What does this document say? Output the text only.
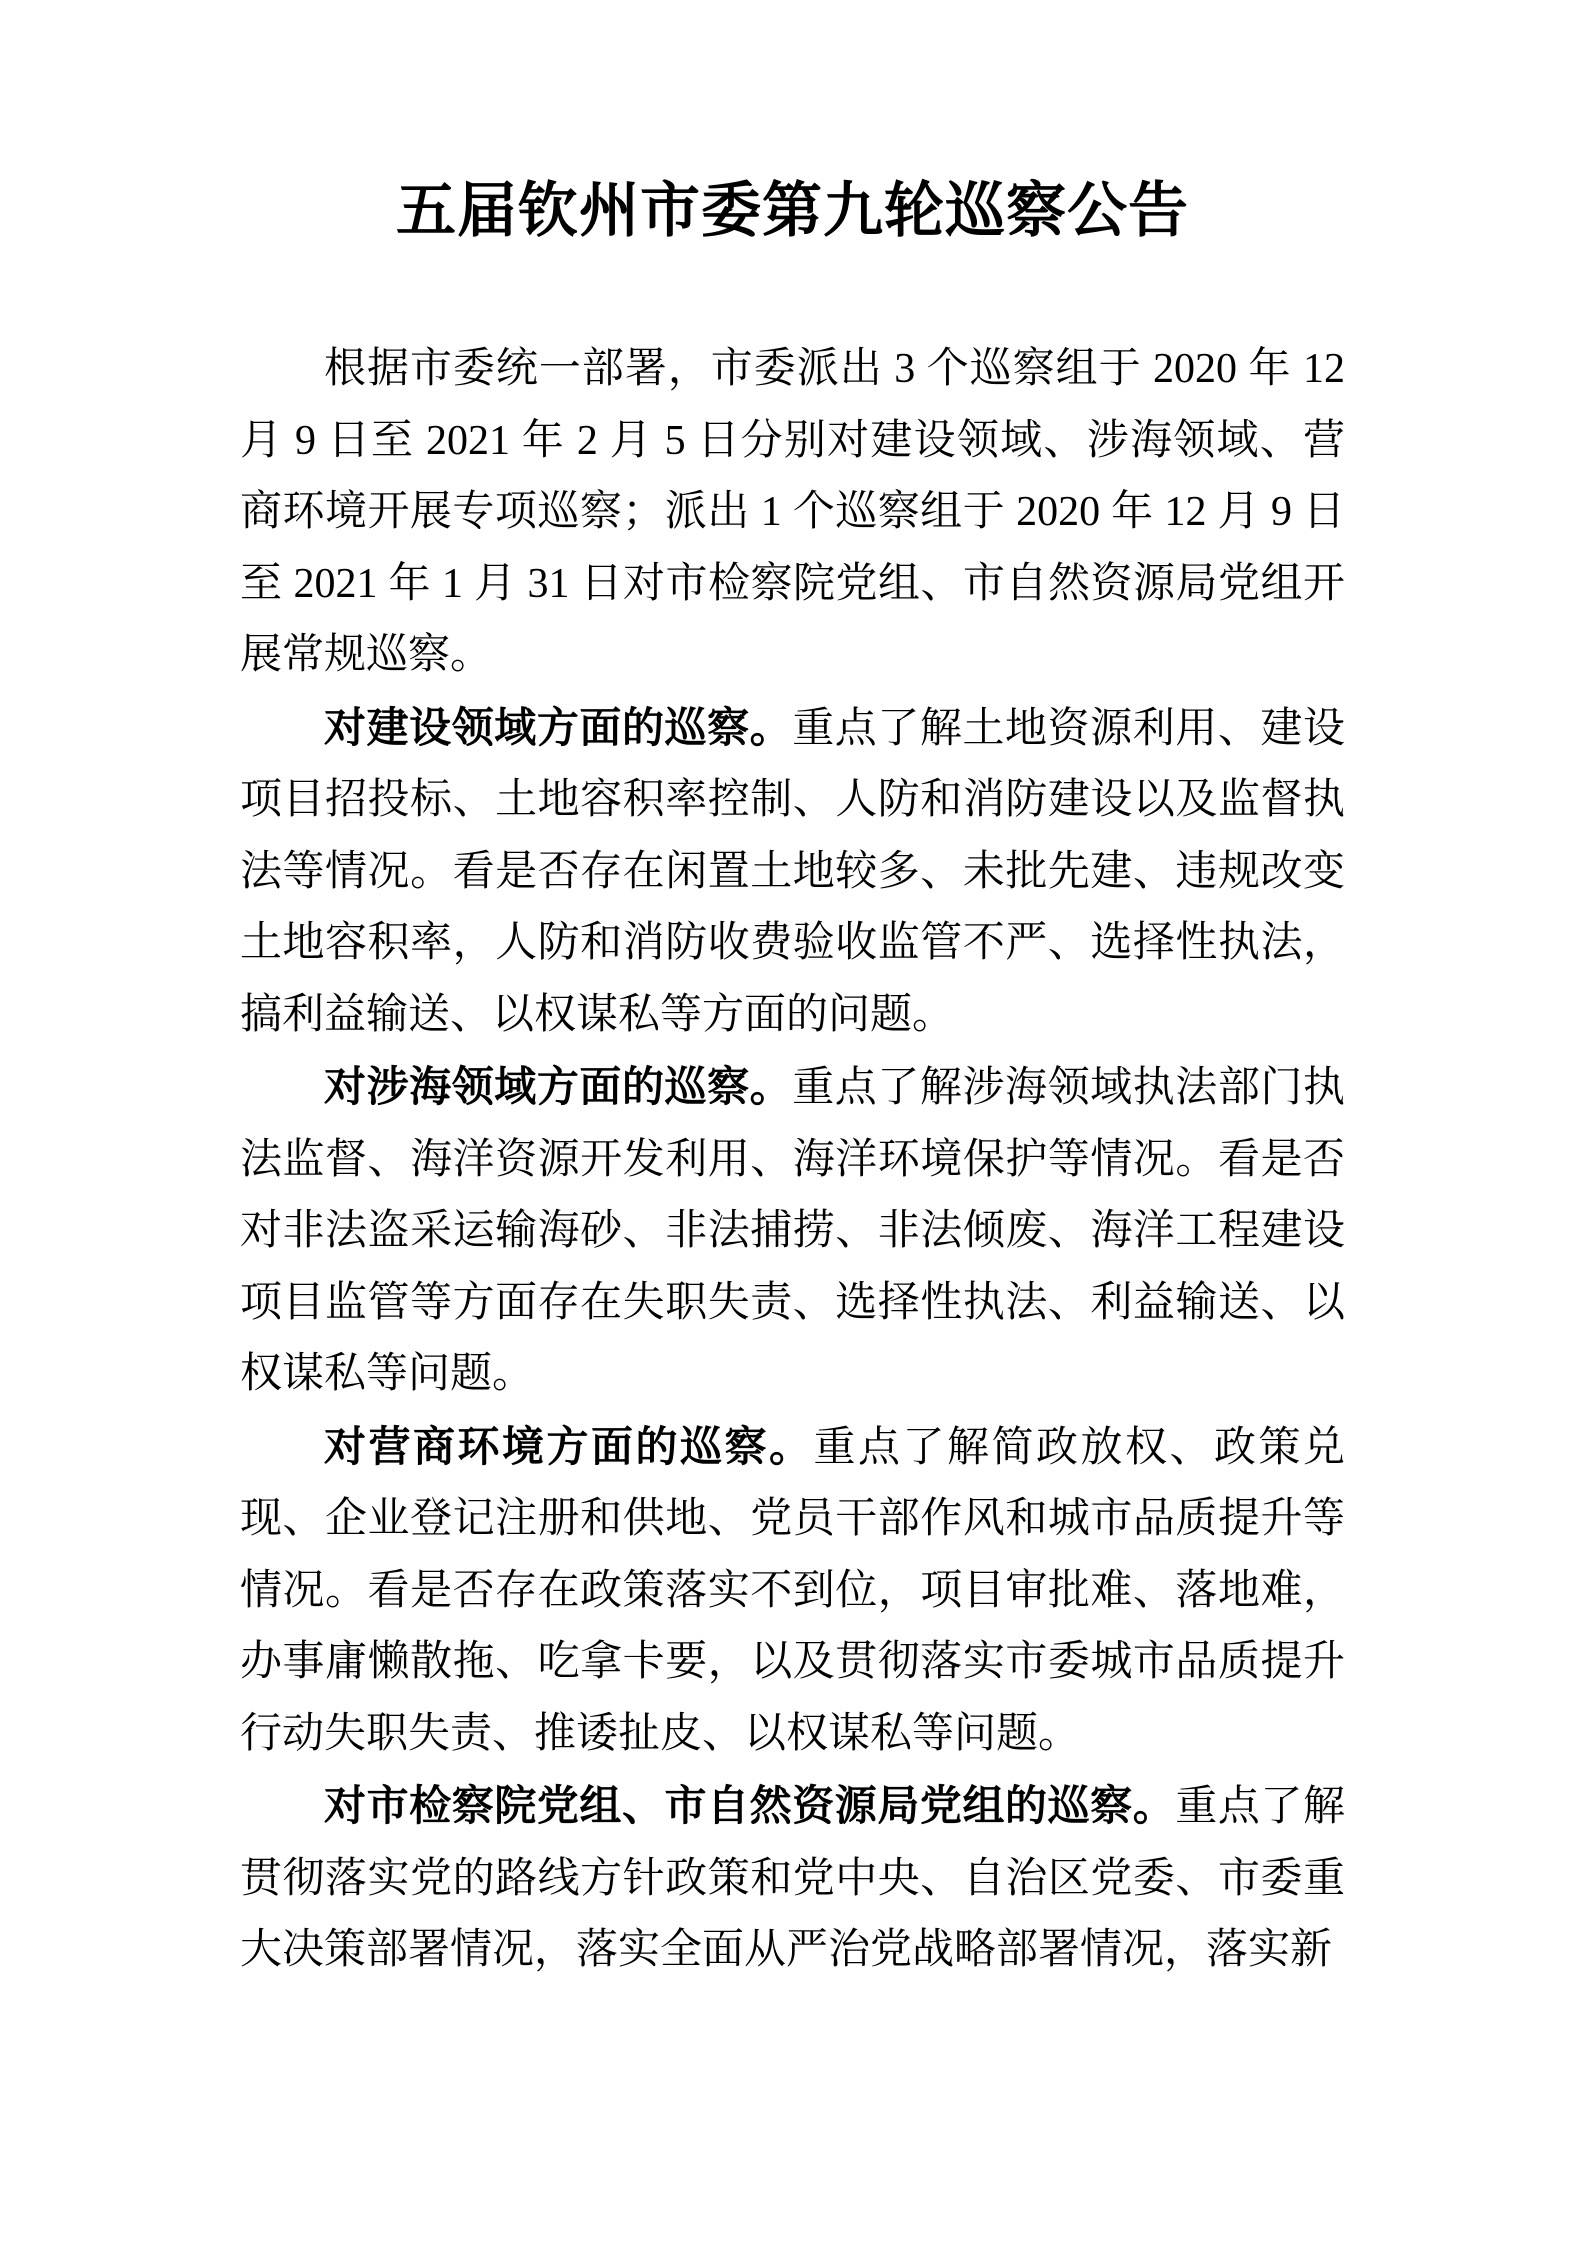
五届钦州市委第九轮巡察公告

根据市委统一部署，市委派出 3 个巡察组于 2020 年 12 月 9 日至 2021 年 2 月 5 日分别对建设领域、涉海领域、营商环境开展专项巡察；派出 1 个巡察组于 2020 年 12 月 9 日至 2021 年 1 月 31 日对市检察院党组、市自然资源局党组开展常规巡察。

对建设领域方面的巡察。重点了解土地资源利用、建设项目招投标、土地容积率控制、人防和消防建设以及监督执法等情况。看是否存在闲置土地较多、未批先建、违规改变土地容积率，人防和消防收费验收监管不严、选择性执法，搞利益输送、以权谋私等方面的问题。

对涉海领域方面的巡察。重点了解涉海领域执法部门执法监督、海洋资源开发利用、海洋环境保护等情况。看是否对非法盗采运输海砂、非法捕捞、非法倾废、海洋工程建设项目监管等方面存在失职失责、选择性执法、利益输送、以权谋私等问题。

对营商环境方面的巡察。重点了解简政放权、政策兑现、企业登记注册和供地、党员干部作风和城市品质提升等情况。看是否存在政策落实不到位，项目审批难、落地难，办事庸懒散拖、吃拿卡要，以及贯彻落实市委城市品质提升行动失职失责、推诿扯皮、以权谋私等问题。

对市检察院党组、市自然资源局党组的巡察。重点了解贯彻落实党的路线方针政策和党中央、自治区党委、市委重大决策部署情况，落实全面从严治党战略部署情况，落实新
